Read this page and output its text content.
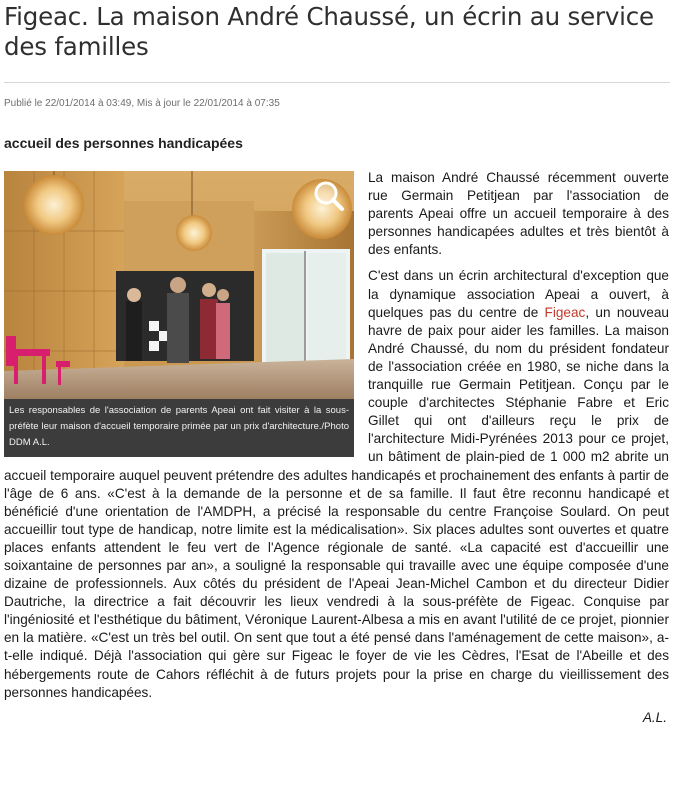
Figeac. La maison André Chaussé, un écrin au service des familles
Publié le 22/01/2014 à 03:49, Mis à jour le 22/01/2014 à 07:35
accueil des personnes handicapées
Les responsables de l'association de parents Apeai ont fait visiter à la sous-préfète leur maison d'accueil temporaire primée par un prix d'architecture./Photo DDM A.L.

La maison André Chaussé récemment ouverte rue Germain Petitjean par l'association de parents Apeai offre un accueil temporaire à des personnes handicapées adultes et très bientôt à des enfants.

C'est dans un écrin architectural d'exception que la dynamique association Apeai a ouvert, à quelques pas du centre de Figeac, un nouveau havre de paix pour aider les familles. La maison André Chaussé, du nom du président fondateur de l'association créée en 1980, se niche dans la tranquille rue Germain Petitjean. Conçu par le couple d'architectes Stéphanie Fabre et Eric Gillet qui ont d'ailleurs reçu le prix de l'architecture Midi-Pyrénées 2013 pour ce projet, un bâtiment de plain-pied de 1 000 m2 abrite un accueil temporaire auquel peuvent prétendre des adultes handicapés et prochainement des enfants à partir de l'âge de 6 ans. «C'est à la demande de la personne et de sa famille. Il faut être reconnu handicapé et bénéficié d'une orientation de l'AMDPH, a précisé la responsable du centre Françoise Soulard. On peut accueillir tout type de handicap, notre limite est la médicalisation». Six places adultes sont ouvertes et quatre places enfants attendent le feu vert de l'Agence régionale de santé. «La capacité est d'accueillir une soixantaine de personnes par an», a souligné la responsable qui travaille avec une équipe composée d'une dizaine de professionnels. Aux côtés du président de l'Apeai Jean-Michel Cambon et du directeur Didier Dautriche, la directrice a fait découvrir les lieux vendredi à la sous-préfète de Figeac. Conquise par l'ingéniosité et l'esthétique du bâtiment, Véronique Laurent-Albesa a mis en avant l'utilité de ce projet, pionnier en la matière. «C'est un très bel outil. On sent que tout a été pensé dans l'aménagement de cette maison», a-t-elle indiqué. Déjà l'association qui gère sur Figeac le foyer de vie les Cèdres, l'Esat de l'Abeille et des hébergements route de Cahors réfléchit à de futurs projets pour la prise en charge du vieillissement des personnes handicapées.

A.L.
